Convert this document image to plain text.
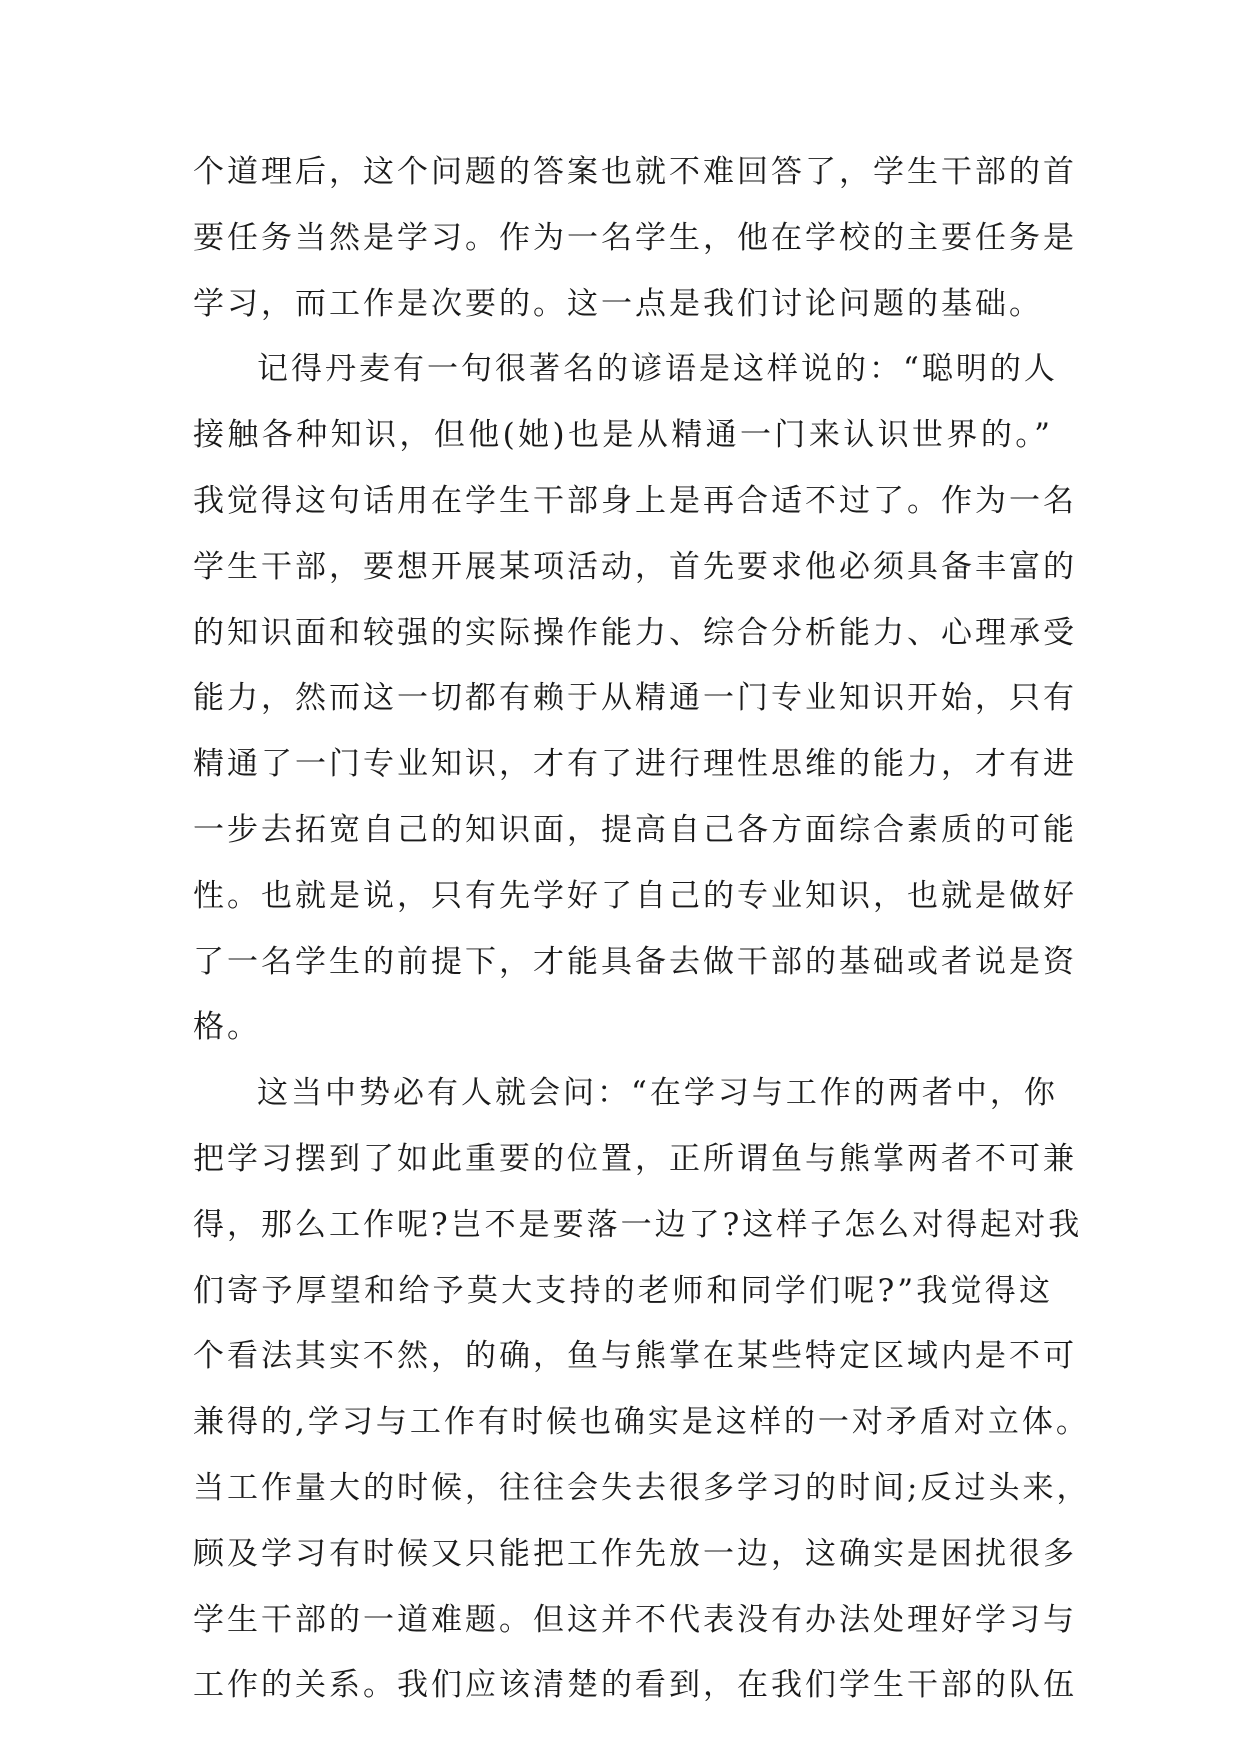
个道理后，这个问题的答案也就不难回答了，学生干部的首
要任务当然是学习。作为一名学生，他在学校的主要任务是
学习，而工作是次要的。这一点是我们讨论问题的基础。
记得丹麦有一句很著名的谚语是这样说的：“聪明的人
接触各种知识，但他(她)也是从精通一门来认识世界的。”
我觉得这句话用在学生干部身上是再合适不过了。作为一名
学生干部，要想开展某项活动，首先要求他必须具备丰富的
的知识面和较强的实际操作能力、综合分析能力、心理承受
能力，然而这一切都有赖于从精通一门专业知识开始，只有
精通了一门专业知识，才有了进行理性思维的能力，才有进
一步去拓宽自己的知识面，提高自己各方面综合素质的可能
性。也就是说，只有先学好了自己的专业知识，也就是做好
了一名学生的前提下，才能具备去做干部的基础或者说是资
格。
这当中势必有人就会问：“在学习与工作的两者中，你
把学习摆到了如此重要的位置，正所谓鱼与熊掌两者不可兼
得，那么工作呢?岂不是要落一边了?这样子怎么对得起对我
们寄予厚望和给予莫大支持的老师和同学们呢?”我觉得这
个看法其实不然，的确，鱼与熊掌在某些特定区域内是不可
兼得的,学习与工作有时候也确实是这样的一对矛盾对立体。
当工作量大的时候，往往会失去很多学习的时间;反过头来，
顾及学习有时候又只能把工作先放一边，这确实是困扰很多
学生干部的一道难题。但这并不代表没有办法处理好学习与
工作的关系。我们应该清楚的看到，在我们学生干部的队伍
